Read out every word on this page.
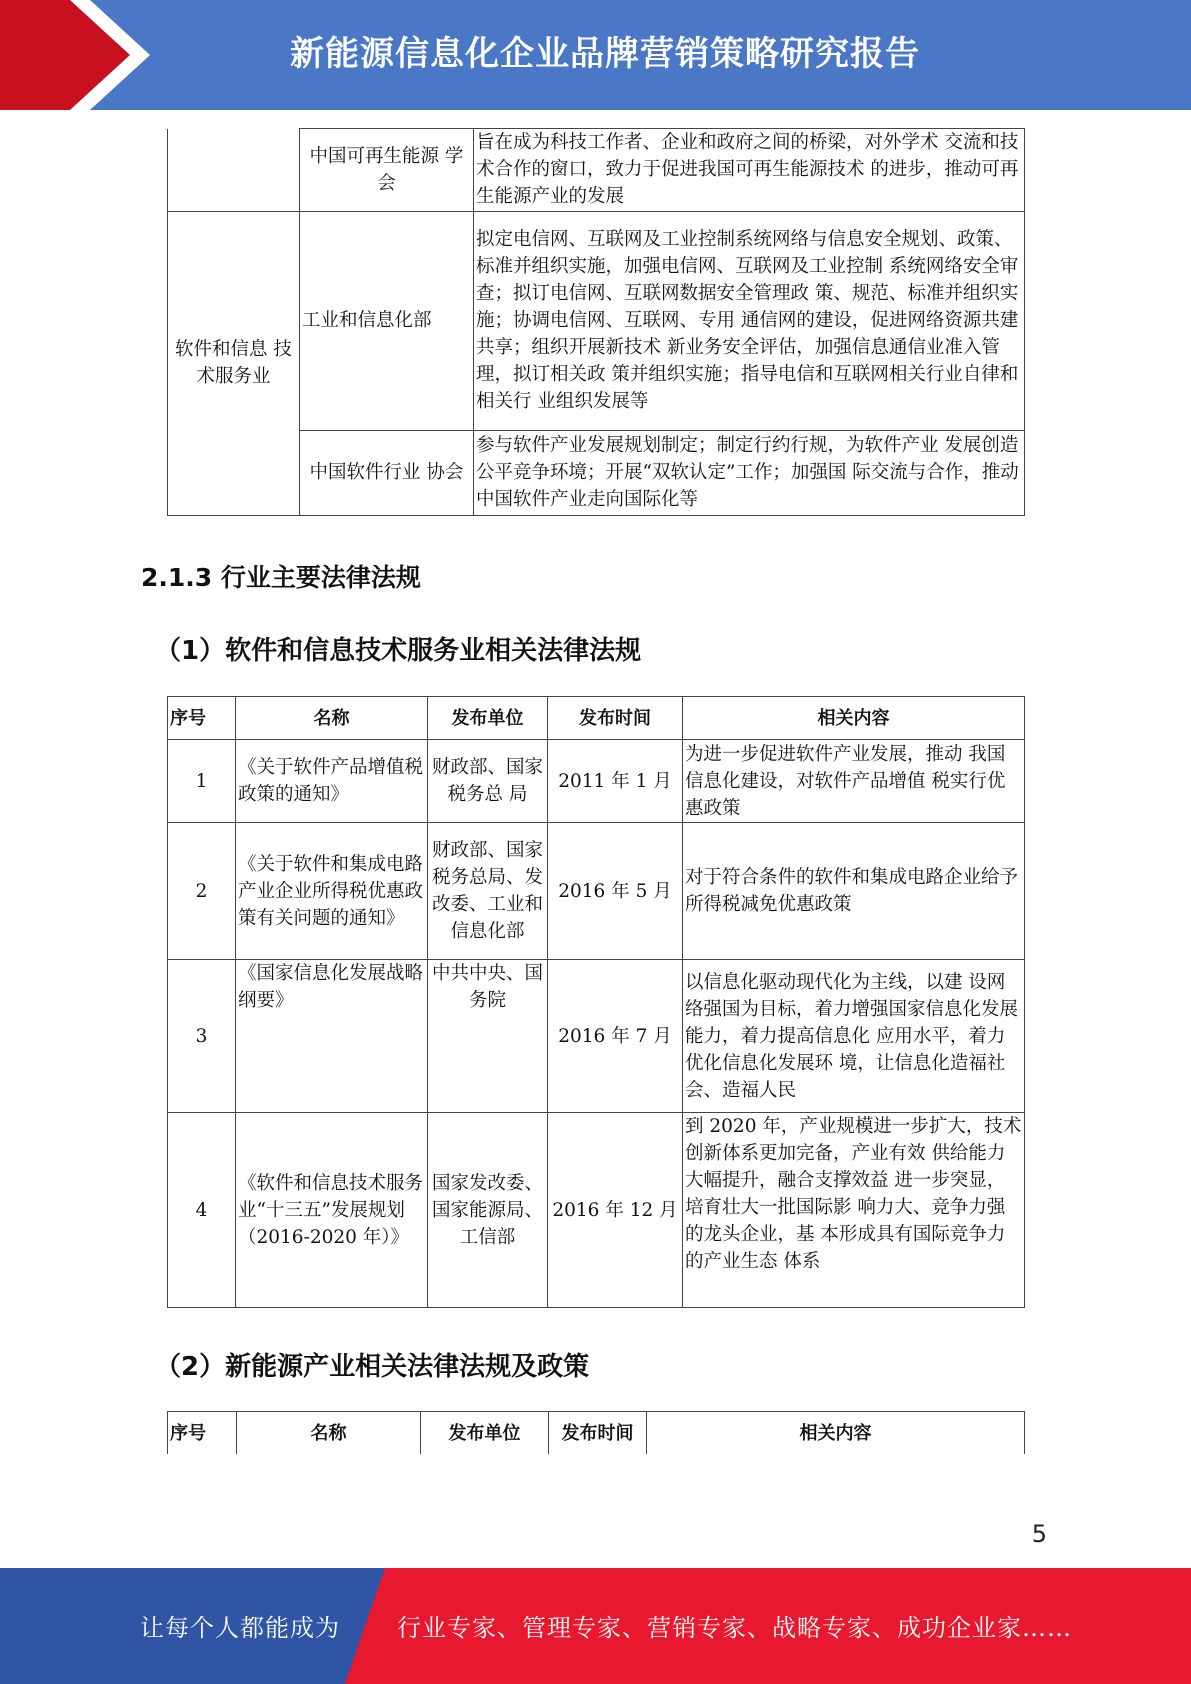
新能源信息化企业品牌营销策略研究报告
	中国可再生能源 学会	旨在成为科技工作者、企业和政府之间的桥梁，对外学术 交流和技术合作的窗口，致力于促进我国可再生能源技术 的进步，推动可再生能源产业的发展
软件和信息 技术服务业	工业和信息化部	拟定电信网、互联网及工业控制系统网络与信息安全规划、政策、标准并组织实施，加强电信网、互联网及工业控制 系统网络安全审查；拟订电信网、互联网数据安全管理政 策、规范、标准并组织实施；协调电信网、互联网、专用 通信网的建设，促进网络资源共建共享；组织开展新技术 新业务安全评估，加强信息通信业准入管理，拟订相关政 策并组织实施；指导电信和互联网相关行业自律和相关行 业组织发展等
	中国软件行业 协会	参与软件产业发展规划制定；制定行约行规，为软件产业 发展创造公平竞争环境；开展“双软认定”工作；加强国 际交流与合作，推动中国软件产业走向国际化等
2.1.3 行业主要法律法规
（1）软件和信息技术服务业相关法律法规
序号	名称	发布单位	发布时间	相关内容
1	《关于软件产品增值税政策的通知》	财政部、国家税务总 局	2011 年 1 月	为进一步促进软件产业发展，推动 我国信息化建设，对软件产品增值 税实行优惠政策
2	《关于软件和集成电路产业企业所得税优惠政策有关问题的通知》	财政部、国家税务总局、发改委、工业和信息化部	2016 年 5 月	对于符合条件的软件和集成电路企业给予所得税减免优惠政策
3	《国家信息化发展战略纲要》	中共中央、国务院	2016 年 7 月	以信息化驱动现代化为主线，以建 设网络强国为目标，着力增强国家信息化发展能力，着力提高信息化 应用水平，着力优化信息化发展环 境，让信息化造福社会、造福人民
4	《软件和信息技术服务业“十三五”发展规划（2016-2020 年）》	国家发改委、国家能源局、工信部	2016 年 12 月	到 2020 年，产业规模进一步扩大，技术创新体系更加完备，产业有效 供给能力大幅提升，融合支撑效益 进一步突显，培育壮大一批国际影 响力大、竞争力强的龙头企业，基 本形成具有国际竞争力的产业生态 体系
（2）新能源产业相关法律法规及政策
序号	名称	发布单位	发布时间	相关内容
5
让每个人都能成为 行业专家、管理专家、营销专家、战略专家、成功企业家……
